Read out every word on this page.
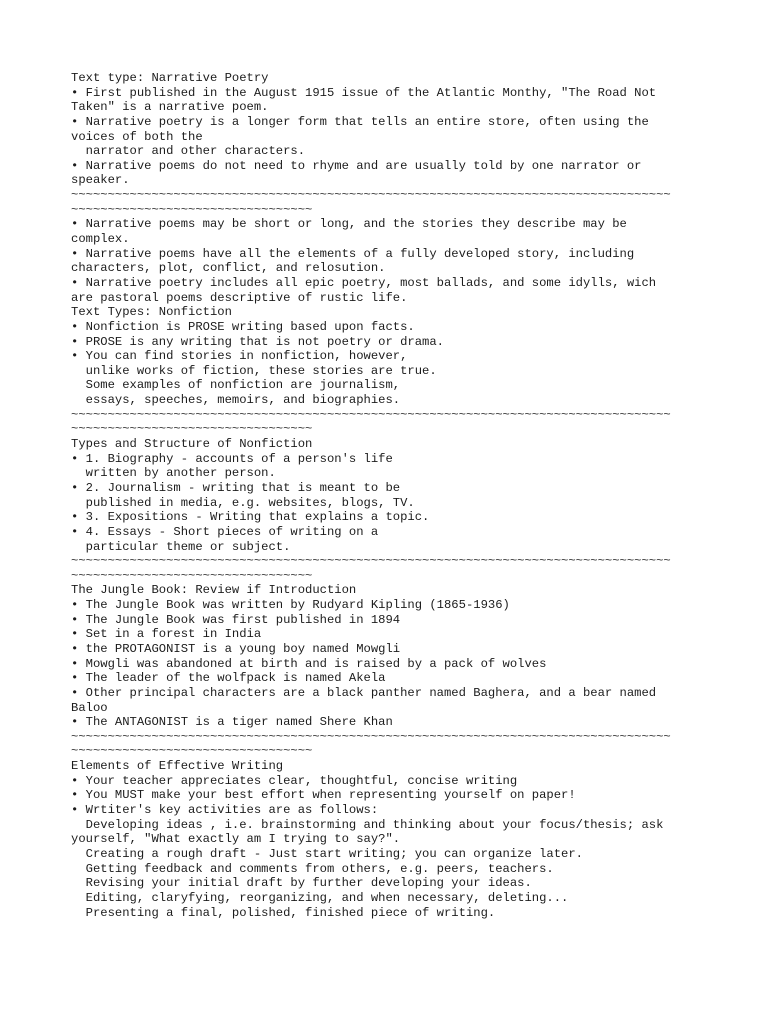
Text type: Narrative Poetry
• First published in the August 1915 issue of the Atlantic Monthy, "The Road Not
Taken" is a narrative poem.
• Narrative poetry is a longer form that tells an entire store, often using the
voices of both the
narrator and other characters.
• Narrative poems do not need to rhyme and are usually told by one narrator or
speaker.
~~~~~~~~~~~~~~~~~~~~~~~~~~~~~~~~~~~~~~~~~~~~~~~~~~~~~~~~~~~~~~~~~~~~~~~~~~~~~~~~~~
~~~~~~~~~~~~~~~~~~~~~~~~~~~~~~~~~
• Narrative poems may be short or long, and the stories they describe may be
complex.
• Narrative poems have all the elements of a fully developed story, including
characters, plot, conflict, and relosution.
• Narrative poetry includes all epic poetry, most ballads, and some idylls, wich
are pastoral poems descriptive of rustic life.
Text Types: Nonfiction
• Nonfiction is PROSE writing based upon facts.
• PROSE is any writing that is not poetry or drama.
• You can find stories in nonfiction, however,
unlike works of fiction, these stories are true.
Some examples of nonfiction are journalism,
essays, speeches, memoirs, and biographies.
~~~~~~~~~~~~~~~~~~~~~~~~~~~~~~~~~~~~~~~~~~~~~~~~~~~~~~~~~~~~~~~~~~~~~~~~~~~~~~~~~~
~~~~~~~~~~~~~~~~~~~~~~~~~~~~~~~~~
Types and Structure of Nonfiction
• 1. Biography - accounts of a person's life
written by another person.
• 2. Journalism - writing that is meant to be
published in media, e.g. websites, blogs, TV.
• 3. Expositions - Writing that explains a topic.
• 4. Essays - Short pieces of writing on a
particular theme or subject.
~~~~~~~~~~~~~~~~~~~~~~~~~~~~~~~~~~~~~~~~~~~~~~~~~~~~~~~~~~~~~~~~~~~~~~~~~~~~~~~~~~
~~~~~~~~~~~~~~~~~~~~~~~~~~~~~~~~~
The Jungle Book: Review if Introduction
• The Jungle Book was written by Rudyard Kipling (1865-1936)
• The Jungle Book was first published in 1894
• Set in a forest in India
• the PROTAGONIST is a young boy named Mowgli
• Mowgli was abandoned at birth and is raised by a pack of wolves
• The leader of the wolfpack is named Akela
• Other principal characters are a black panther named Baghera, and a bear named
Baloo
• The ANTAGONIST is a tiger named Shere Khan
~~~~~~~~~~~~~~~~~~~~~~~~~~~~~~~~~~~~~~~~~~~~~~~~~~~~~~~~~~~~~~~~~~~~~~~~~~~~~~~~~~
~~~~~~~~~~~~~~~~~~~~~~~~~~~~~~~~~
Elements of Effective Writing
• Your teacher appreciates clear, thoughtful, concise writing
• You MUST make your best effort when representing yourself on paper!
• Wrtiter's key activities are as follows:
Developing ideas , i.e. brainstorming and thinking about your focus/thesis; ask
yourself, "What exactly am I trying to say?".
Creating a rough draft - Just start writing; you can organize later.
Getting feedback and comments from others, e.g. peers, teachers.
Revising your initial draft by further developing your ideas.
Editing, claryfying, reorganizing, and when necessary, deleting...
Presenting a final, polished, finished piece of writing.
